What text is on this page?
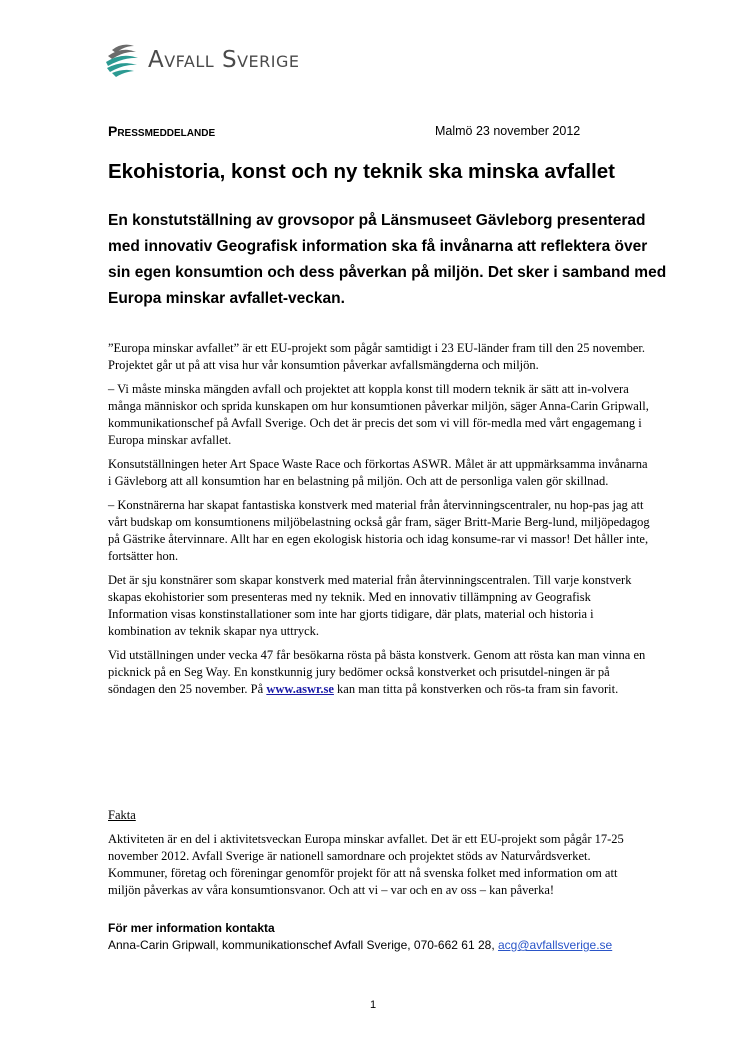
Avfall Sverige
Pressmeddelande	Malmö 23 november 2012
Ekohistoria, konst och ny teknik ska minska avfallet

En konstutställning av grovsopor på Länsmuseet Gävleborg presenterad med innovativ Geografisk information ska få invånarna att reflektera över sin egen konsumtion och dess påverkan på miljön. Det sker i samband med Europa minskar avfallet-veckan.

”Europa minskar avfallet” är ett EU-projekt som pågår samtidigt i 23 EU-länder fram till den 25 november. Projektet går ut på att visa hur vår konsumtion påverkar avfallsmängderna och miljön.

– Vi måste minska mängden avfall och projektet att koppla konst till modern teknik är sätt att in-volvera många människor och sprida kunskapen om hur konsumtionen påverkar miljön, säger Anna-Carin Gripwall, kommunikationschef på Avfall Sverige. Och det är precis det som vi vill för-medla med vårt engagemang i Europa minskar avfallet.

Konsutställningen heter Art Space Waste Race och förkortas ASWR. Målet är att uppmärksamma invånarna i Gävleborg att all konsumtion har en belastning på miljön. Och att de personliga valen gör skillnad.

– Konstnärerna har skapat fantastiska konstverk med material från återvinningscentraler, nu hop-pas jag att vårt budskap om konsumtionens miljöbelastning också går fram, säger Britt-Marie Berg-lund, miljöpedagog på Gästrike återvinnare. Allt har en egen ekologisk historia och idag konsume-rar vi massor! Det håller inte, fortsätter hon.

Det är sju konstnärer som skapar konstverk med material från återvinningscentralen. Till varje konstverk skapas ekohistorier som presenteras med ny teknik. Med en innovativ tillämpning av Geografisk Information visas konstinstallationer som inte har gjorts tidigare, där plats, material och historia i kombination av teknik skapar nya uttryck.

Vid utställningen under vecka 47 får besökarna rösta på bästa konstverk. Genom att rösta kan man vinna en picknick på en Seg Way. En konstkunnig jury bedömer också konstverket och prisutdel-ningen är på söndagen den 25 november. På www.aswr.se kan man titta på konstverken och rös-ta fram sin favorit.

Fakta

Aktiviteten är en del i aktivitetsveckan Europa minskar avfallet. Det är ett EU-projekt som pågår 17-25 november 2012. Avfall Sverige är nationell samordnare och projektet stöds av Naturvårdsverket. Kommuner, företag och föreningar genomför projekt för att nå svenska folket med information om att miljön påverkas av våra konsumtionsvanor. Och att vi – var och en av oss – kan påverka!

För mer information kontakta
Anna-Carin Gripwall, kommunikationschef Avfall Sverige, 070-662 61 28, acg@avfallsverige.se
1
